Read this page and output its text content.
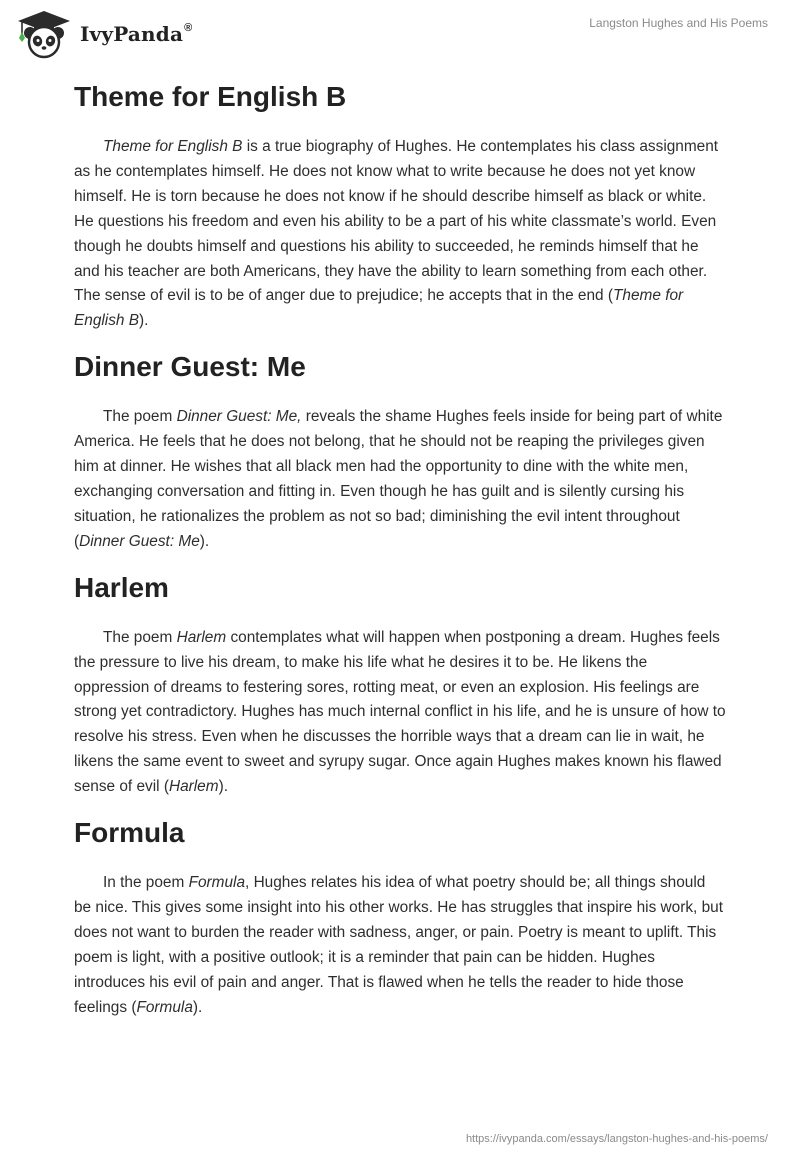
IvyPanda®	Langston Hughes and His Poems
Theme for English B

Theme for English B is a true biography of Hughes. He contemplates his class assignment as he contemplates himself. He does not know what to write because he does not yet know himself. He is torn because he does not know if he should describe himself as black or white. He questions his freedom and even his ability to be a part of his white classmate’s world. Even though he doubts himself and questions his ability to succeeded, he reminds himself that he and his teacher are both Americans, they have the ability to learn something from each other. The sense of evil is to be of anger due to prejudice; he accepts that in the end (Theme for English B).

Dinner Guest: Me

The poem Dinner Guest: Me, reveals the shame Hughes feels inside for being part of white America. He feels that he does not belong, that he should not be reaping the privileges given him at dinner. He wishes that all black men had the opportunity to dine with the white men, exchanging conversation and fitting in. Even though he has guilt and is silently cursing his situation, he rationalizes the problem as not so bad; diminishing the evil intent throughout (Dinner Guest: Me).

Harlem

The poem Harlem contemplates what will happen when postponing a dream. Hughes feels the pressure to live his dream, to make his life what he desires it to be. He likens the oppression of dreams to festering sores, rotting meat, or even an explosion. His feelings are strong yet contradictory. Hughes has much internal conflict in his life, and he is unsure of how to resolve his stress. Even when he discusses the horrible ways that a dream can lie in wait, he likens the same event to sweet and syrupy sugar. Once again Hughes makes known his flawed sense of evil (Harlem).

Formula

In the poem Formula, Hughes relates his idea of what poetry should be; all things should be nice. This gives some insight into his other works. He has struggles that inspire his work, but does not want to burden the reader with sadness, anger, or pain. Poetry is meant to uplift. This poem is light, with a positive outlook; it is a reminder that pain can be hidden. Hughes introduces his evil of pain and anger. That is flawed when he tells the reader to hide those feelings (Formula).

https://ivypanda.com/essays/langston-hughes-and-his-poems/
